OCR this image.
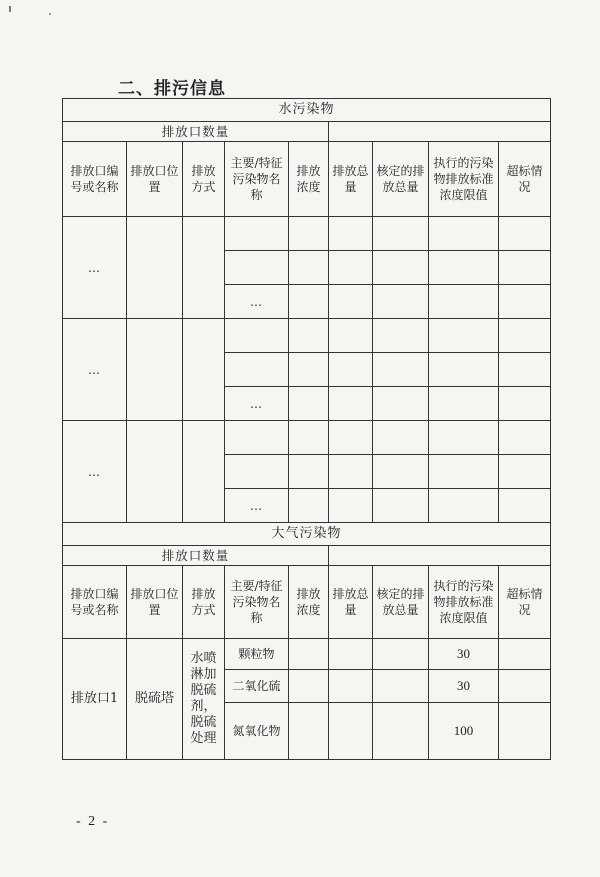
二、排污信息
水污染物								
排放口数量								
排放口编号或名称	排放口位置	排放方式	主要/特征污染物名称	排放浓度	排放总量	核定的排放总量	执行的污染物排放标准浓度限值	超标情况
…								

			…					
…								

			…					
…								

			…					
大气污染物								
排放口数量								
排放口编号或名称	排放口位置	排放方式	主要/特征污染物名称	排放浓度	排放总量	核定的排放总量	执行的污染物排放标准浓度限值	超标情况
排放口1	脱硫塔	水喷淋加脱硫剂，脱硫处理	颗粒物				30	
			二氧化硫				30	
			氮氧化物				100	
- 2 -
